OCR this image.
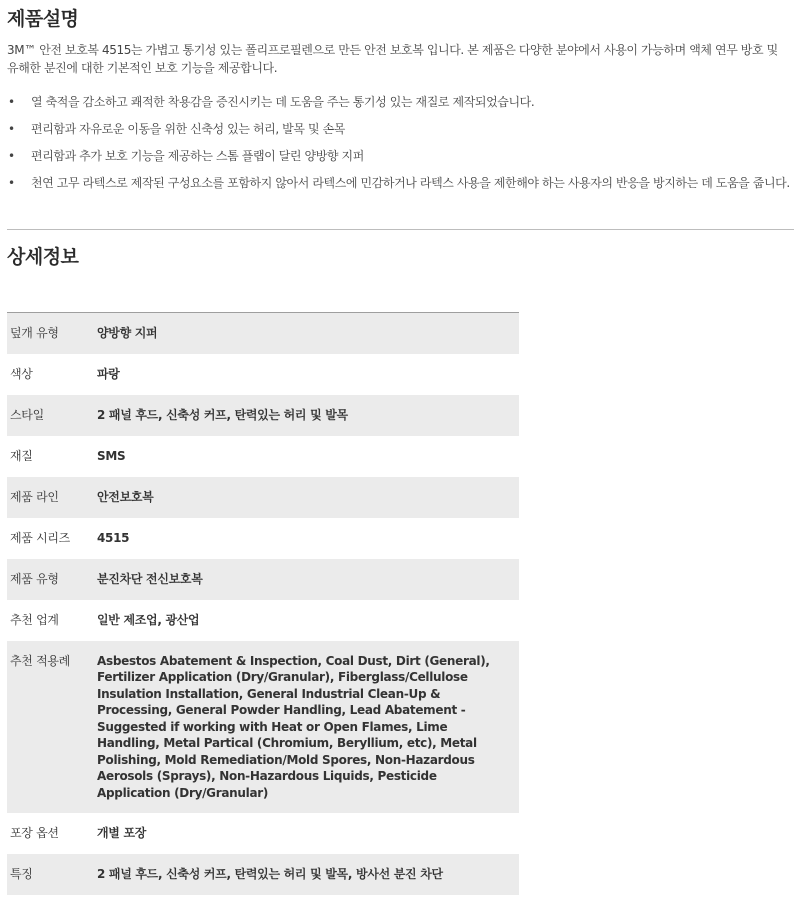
제품설명
3M™ 안전 보호복 4515는 가볍고 통기성 있는 폴리프로필렌으로 만든 안전 보호복 입니다. 본 제품은 다양한 분야에서 사용이 가능하며 액체 연무 방호 및 유해한 분진에 대한 기본적인 보호 기능을 제공합니다.
• 열 축적을 감소하고 쾌적한 착용감을 증진시키는 데 도움을 주는 통기성 있는 재질로 제작되었습니다.
• 편리함과 자유로운 이동을 위한 신축성 있는 허리, 발목 및 손목
• 편리함과 추가 보호 기능을 제공하는 스톰 플랩이 달린 양방향 지퍼
• 천연 고무 라텍스로 제작된 구성요소를 포함하지 않아서 라텍스에 민감하거나 라텍스 사용을 제한해야 하는 사용자의 반응을 방지하는 데 도움을 줍니다.
상세정보
덮개 유형	양방향 지퍼
색상	파랑
스타일	2 패널 후드, 신축성 커프, 탄력있는 허리 및 발목
재질	SMS
제품 라인	안전보호복
제품 시리즈	4515
제품 유형	분진차단 전신보호복
추천 업계	일반 제조업, 광산업
추천 적용례	Asbestos Abatement & Inspection, Coal Dust, Dirt (General), Fertilizer Application (Dry/Granular), Fiberglass/Cellulose Insulation Installation, General Industrial Clean-Up & Processing, General Powder Handling, Lead Abatement - Suggested if working with Heat or Open Flames, Lime Handling, Metal Partical (Chromium, Beryllium, etc), Metal Polishing, Mold Remediation/Mold Spores, Non-Hazardous Aerosols (Sprays), Non-Hazardous Liquids, Pesticide Application (Dry/Granular)
포장 옵션	개별 포장
특징	2 패널 후드, 신축성 커프, 탄력있는 허리 및 발목, 방사선 분진 차단
